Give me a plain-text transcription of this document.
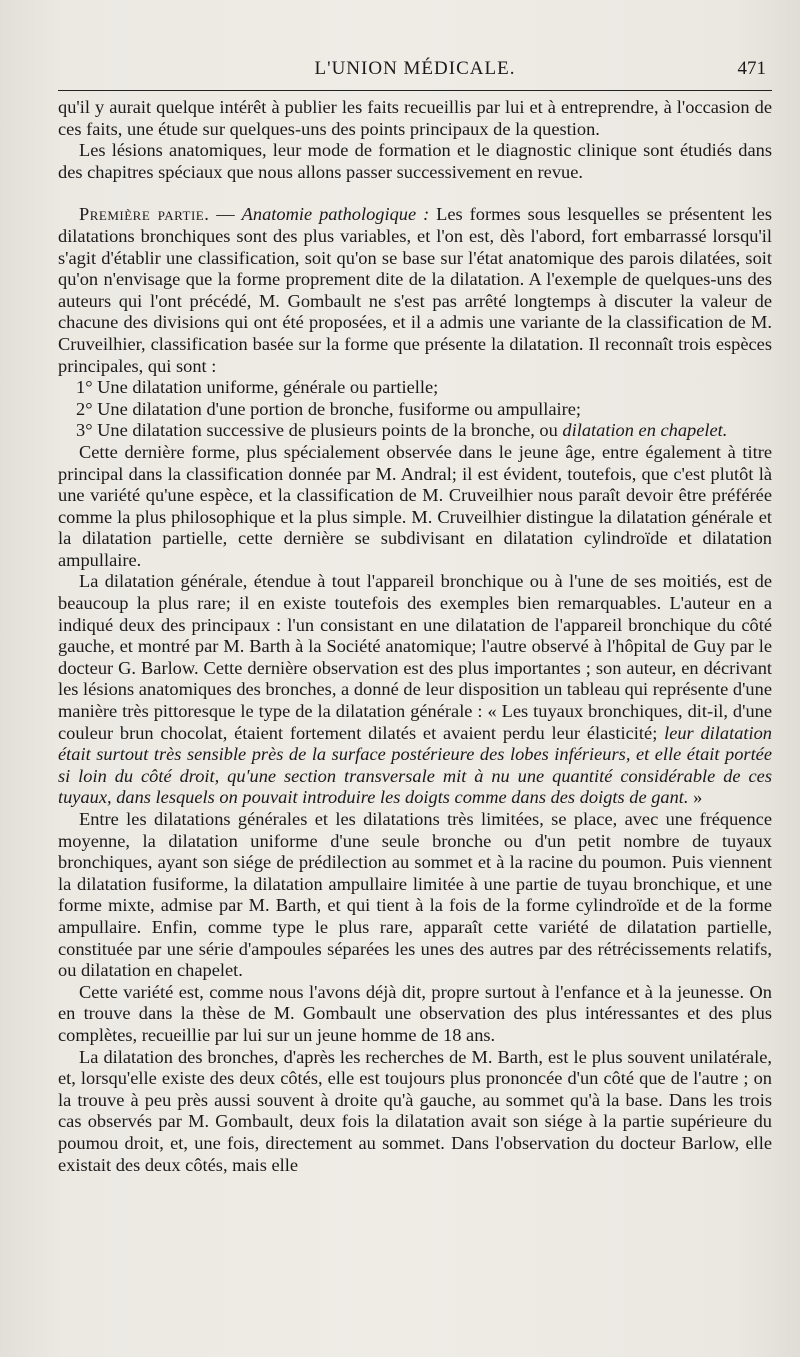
L'UNION MÉDICALE.	471

qu'il y aurait quelque intérêt à publier les faits recueillis par lui et à entreprendre, à l'occasion de ces faits, une étude sur quelques-uns des points principaux de la question.

Les lésions anatomiques, leur mode de formation et le diagnostic clinique sont étudiés dans des chapitres spéciaux que nous allons passer successivement en revue.

Première partie. — Anatomie pathologique : Les formes sous lesquelles se présentent les dilatations bronchiques sont des plus variables, et l'on est, dès l'abord, fort embarrassé lorsqu'il s'agit d'établir une classification, soit qu'on se base sur l'état anatomique des parois dilatées, soit qu'on n'envisage que la forme proprement dite de la dilatation. A l'exemple de quelques-uns des auteurs qui l'ont précédé, M. Gombault ne s'est pas arrêté longtemps à discuter la valeur de chacune des divisions qui ont été proposées, et il a admis une variante de la classification de M. Cruveilhier, classification basée sur la forme que présente la dilatation. Il reconnaît trois espèces principales, qui sont :

1° Une dilatation uniforme, générale ou partielle;

2° Une dilatation d'une portion de bronche, fusiforme ou ampullaire;

3° Une dilatation successive de plusieurs points de la bronche, ou dilatation en chapelet.

Cette dernière forme, plus spécialement observée dans le jeune âge, entre également à titre principal dans la classification donnée par M. Andral; il est évident, toutefois, que c'est plutôt là une variété qu'une espèce, et la classification de M. Cruveilhier nous paraît devoir être préférée comme la plus philosophique et la plus simple. M. Cruveilhier distingue la dilatation générale et la dilatation partielle, cette dernière se subdivisant en dilatation cylindroïde et dilatation ampullaire.

La dilatation générale, étendue à tout l'appareil bronchique ou à l'une de ses moitiés, est de beaucoup la plus rare; il en existe toutefois des exemples bien remarquables. L'auteur en a indiqué deux des principaux : l'un consistant en une dilatation de l'appareil bronchique du côté gauche, et montré par M. Barth à la Société anatomique; l'autre observé à l'hôpital de Guy par le docteur G. Barlow. Cette dernière observation est des plus importantes ; son auteur, en décrivant les lésions anatomiques des bronches, a donné de leur disposition un tableau qui représente d'une manière très pittoresque le type de la dilatation générale : « Les tuyaux bronchiques, dit-il, d'une couleur brun chocolat, étaient fortement dilatés et avaient perdu leur élasticité; leur dilatation était surtout très sensible près de la surface postérieure des lobes inférieurs, et elle était portée si loin du côté droit, qu'une section transversale mit à nu une quantité considérable de ces tuyaux, dans lesquels on pouvait introduire les doigts comme dans des doigts de gant. »

Entre les dilatations générales et les dilatations très limitées, se place, avec une fréquence moyenne, la dilatation uniforme d'une seule bronche ou d'un petit nombre de tuyaux bronchiques, ayant son siége de prédilection au sommet et à la racine du poumon. Puis viennent la dilatation fusiforme, la dilatation ampullaire limitée à une partie de tuyau bronchique, et une forme mixte, admise par M. Barth, et qui tient à la fois de la forme cylindroïde et de la forme ampullaire. Enfin, comme type le plus rare, apparaît cette variété de dilatation partielle, constituée par une série d'ampoules séparées les unes des autres par des rétrécissements relatifs, ou dilatation en chapelet.

Cette variété est, comme nous l'avons déjà dit, propre surtout à l'enfance et à la jeunesse. On en trouve dans la thèse de M. Gombault une observation des plus intéressantes et des plus complètes, recueillie par lui sur un jeune homme de 18 ans.

La dilatation des bronches, d'après les recherches de M. Barth, est le plus souvent unilatérale, et, lorsqu'elle existe des deux côtés, elle est toujours plus prononcée d'un côté que de l'autre ; on la trouve à peu près aussi souvent à droite qu'à gauche, au sommet qu'à la base. Dans les trois cas observés par M. Gombault, deux fois la dilatation avait son siége à la partie supérieure du poumou droit, et, une fois, directement au sommet. Dans l'observation du docteur Barlow, elle existait des deux côtés, mais elle
